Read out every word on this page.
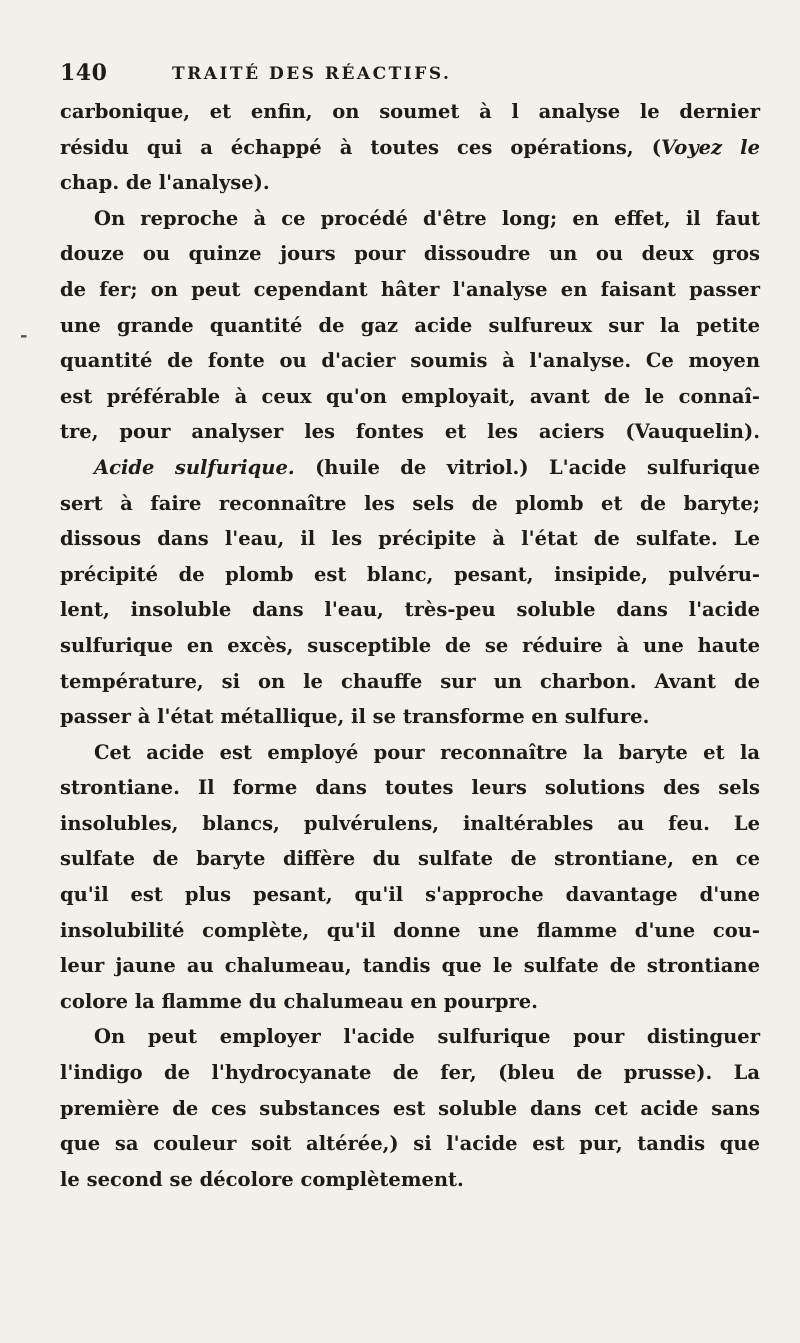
140	TRAITÉ DES RÉACTIFS.
-
carbonique, et enfin, on soumet à l analyse le dernier
résidu qui a échappé à toutes ces opérations, (Voyez le
chap. de l'analyse).
On reproche à ce procédé d'être long; en effet, il faut
douze ou quinze jours pour dissoudre un ou deux gros
de fer; on peut cependant hâter l'analyse en faisant passer
une grande quantité de gaz acide sulfureux sur la petite
quantité de fonte ou d'acier soumis à l'analyse. Ce moyen
est préférable à ceux qu'on employait, avant de le connaî-
tre, pour analyser les fontes et les aciers (Vauquelin).
Acide sulfurique. (huile de vitriol.) L'acide sulfurique
sert à faire reconnaître les sels de plomb et de baryte;
dissous dans l'eau, il les précipite à l'état de sulfate. Le
précipité de plomb est blanc, pesant, insipide, pulvéru-
lent, insoluble dans l'eau, très-peu soluble dans l'acide
sulfurique en excès, susceptible de se réduire à une haute
température, si on le chauffe sur un charbon. Avant de
passer à l'état métallique, il se transforme en sulfure.
Cet acide est employé pour reconnaître la baryte et la
strontiane. Il forme dans toutes leurs solutions des sels
insolubles, blancs, pulvérulens, inaltérables au feu. Le
sulfate de baryte diffère du sulfate de strontiane, en ce
qu'il est plus pesant, qu'il s'approche davantage d'une
insolubilité complète, qu'il donne une flamme d'une cou-
leur jaune au chalumeau, tandis que le sulfate de strontiane
colore la flamme du chalumeau en pourpre.
On peut employer l'acide sulfurique pour distinguer
l'indigo de l'hydrocyanate de fer, (bleu de prusse). La
première de ces substances est soluble dans cet acide sans
que sa couleur soit altérée,) si l'acide est pur, tandis que
le second se décolore complètement.
